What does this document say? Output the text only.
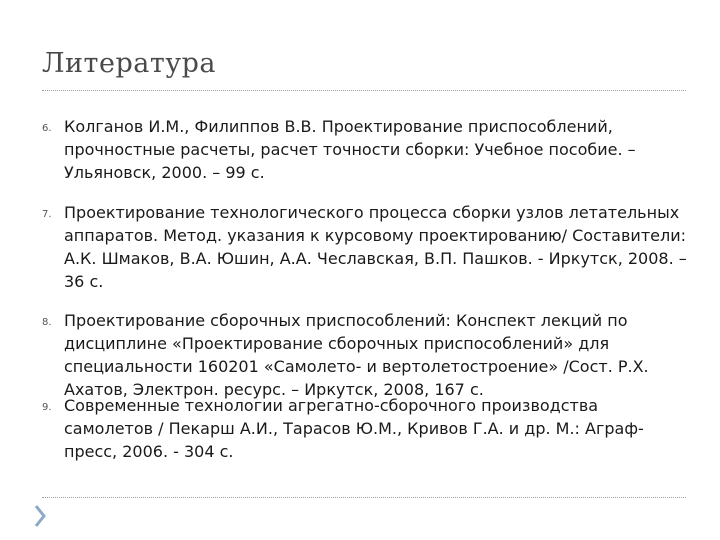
Литература
6. Колганов И.М., Филиппов В.В. Проектирование приспособлений, прочностные расчеты, расчет точности сборки: Учебное пособие. – Ульяновск, 2000. – 99 с.
7. Проектирование технологического процесса сборки узлов летательных аппаратов. Метод. указания к курсовому проектированию/ Составители: А.К. Шмаков, В.А. Юшин, А.А. Чеславская, В.П. Пашков. - Иркутск, 2008. – 36 с.
8. Проектирование сборочных приспособлений: Конспект лекций по дисциплине «Проектирование сборочных приспособлений» для специальности 160201 «Самолето- и вертолетостроение» /Сост. Р.Х. Ахатов, Электрон. ресурс. – Иркутск, 2008, 167 с.
9. Современные технологии агрегатно-сборочного производства самолетов / Пекарш А.И., Тарасов Ю.М., Кривов Г.А. и др. М.: Аграф-пресс, 2006. - 304 с.
